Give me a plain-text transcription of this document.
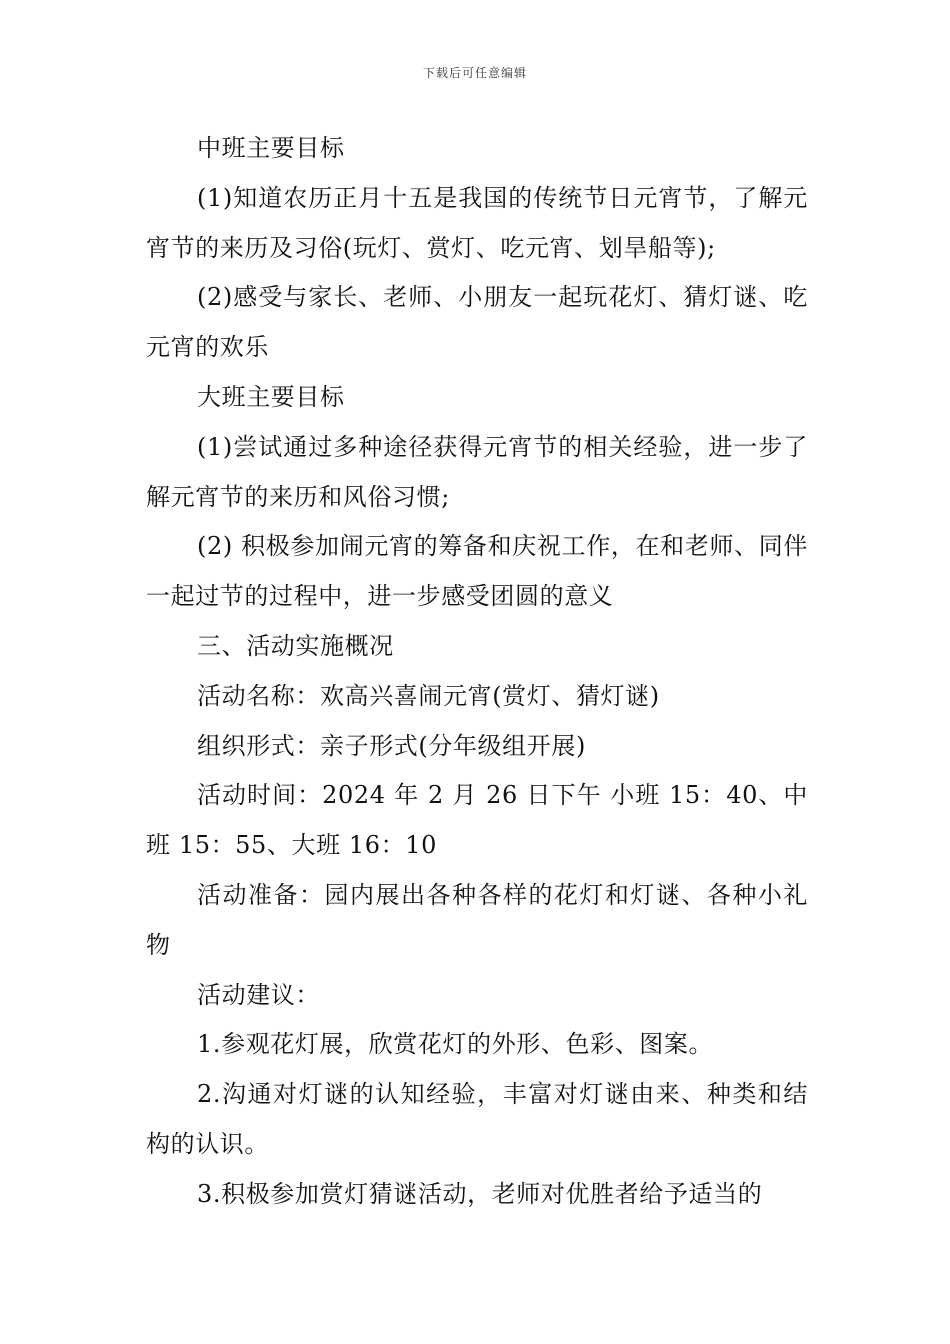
下载后可任意编辑

中班主要目标

(1)知道农历正月十五是我国的传统节日元宵节，了解元宵节的来历及习俗(玩灯、赏灯、吃元宵、划旱船等);

(2)感受与家长、老师、小朋友一起玩花灯、猜灯谜、吃元宵的欢乐

大班主要目标

(1)尝试通过多种途径获得元宵节的相关经验，进一步了解元宵节的来历和风俗习惯;

(2) 积极参加闹元宵的筹备和庆祝工作，在和老师、同伴一起过节的过程中，进一步感受团圆的意义

三、活动实施概况

活动名称：欢高兴喜闹元宵(赏灯、猜灯谜)

组织形式：亲子形式(分年级组开展)

活动时间：2024 年 2 月 26 日下午 小班 15：40、中班 15：55、大班 16：10

活动准备：园内展出各种各样的花灯和灯谜、各种小礼物

活动建议：

1.参观花灯展，欣赏花灯的外形、色彩、图案。

2.沟通对灯谜的认知经验，丰富对灯谜由来、种类和结构的认识。

3.积极参加赏灯猜谜活动，老师对优胜者给予适当的
